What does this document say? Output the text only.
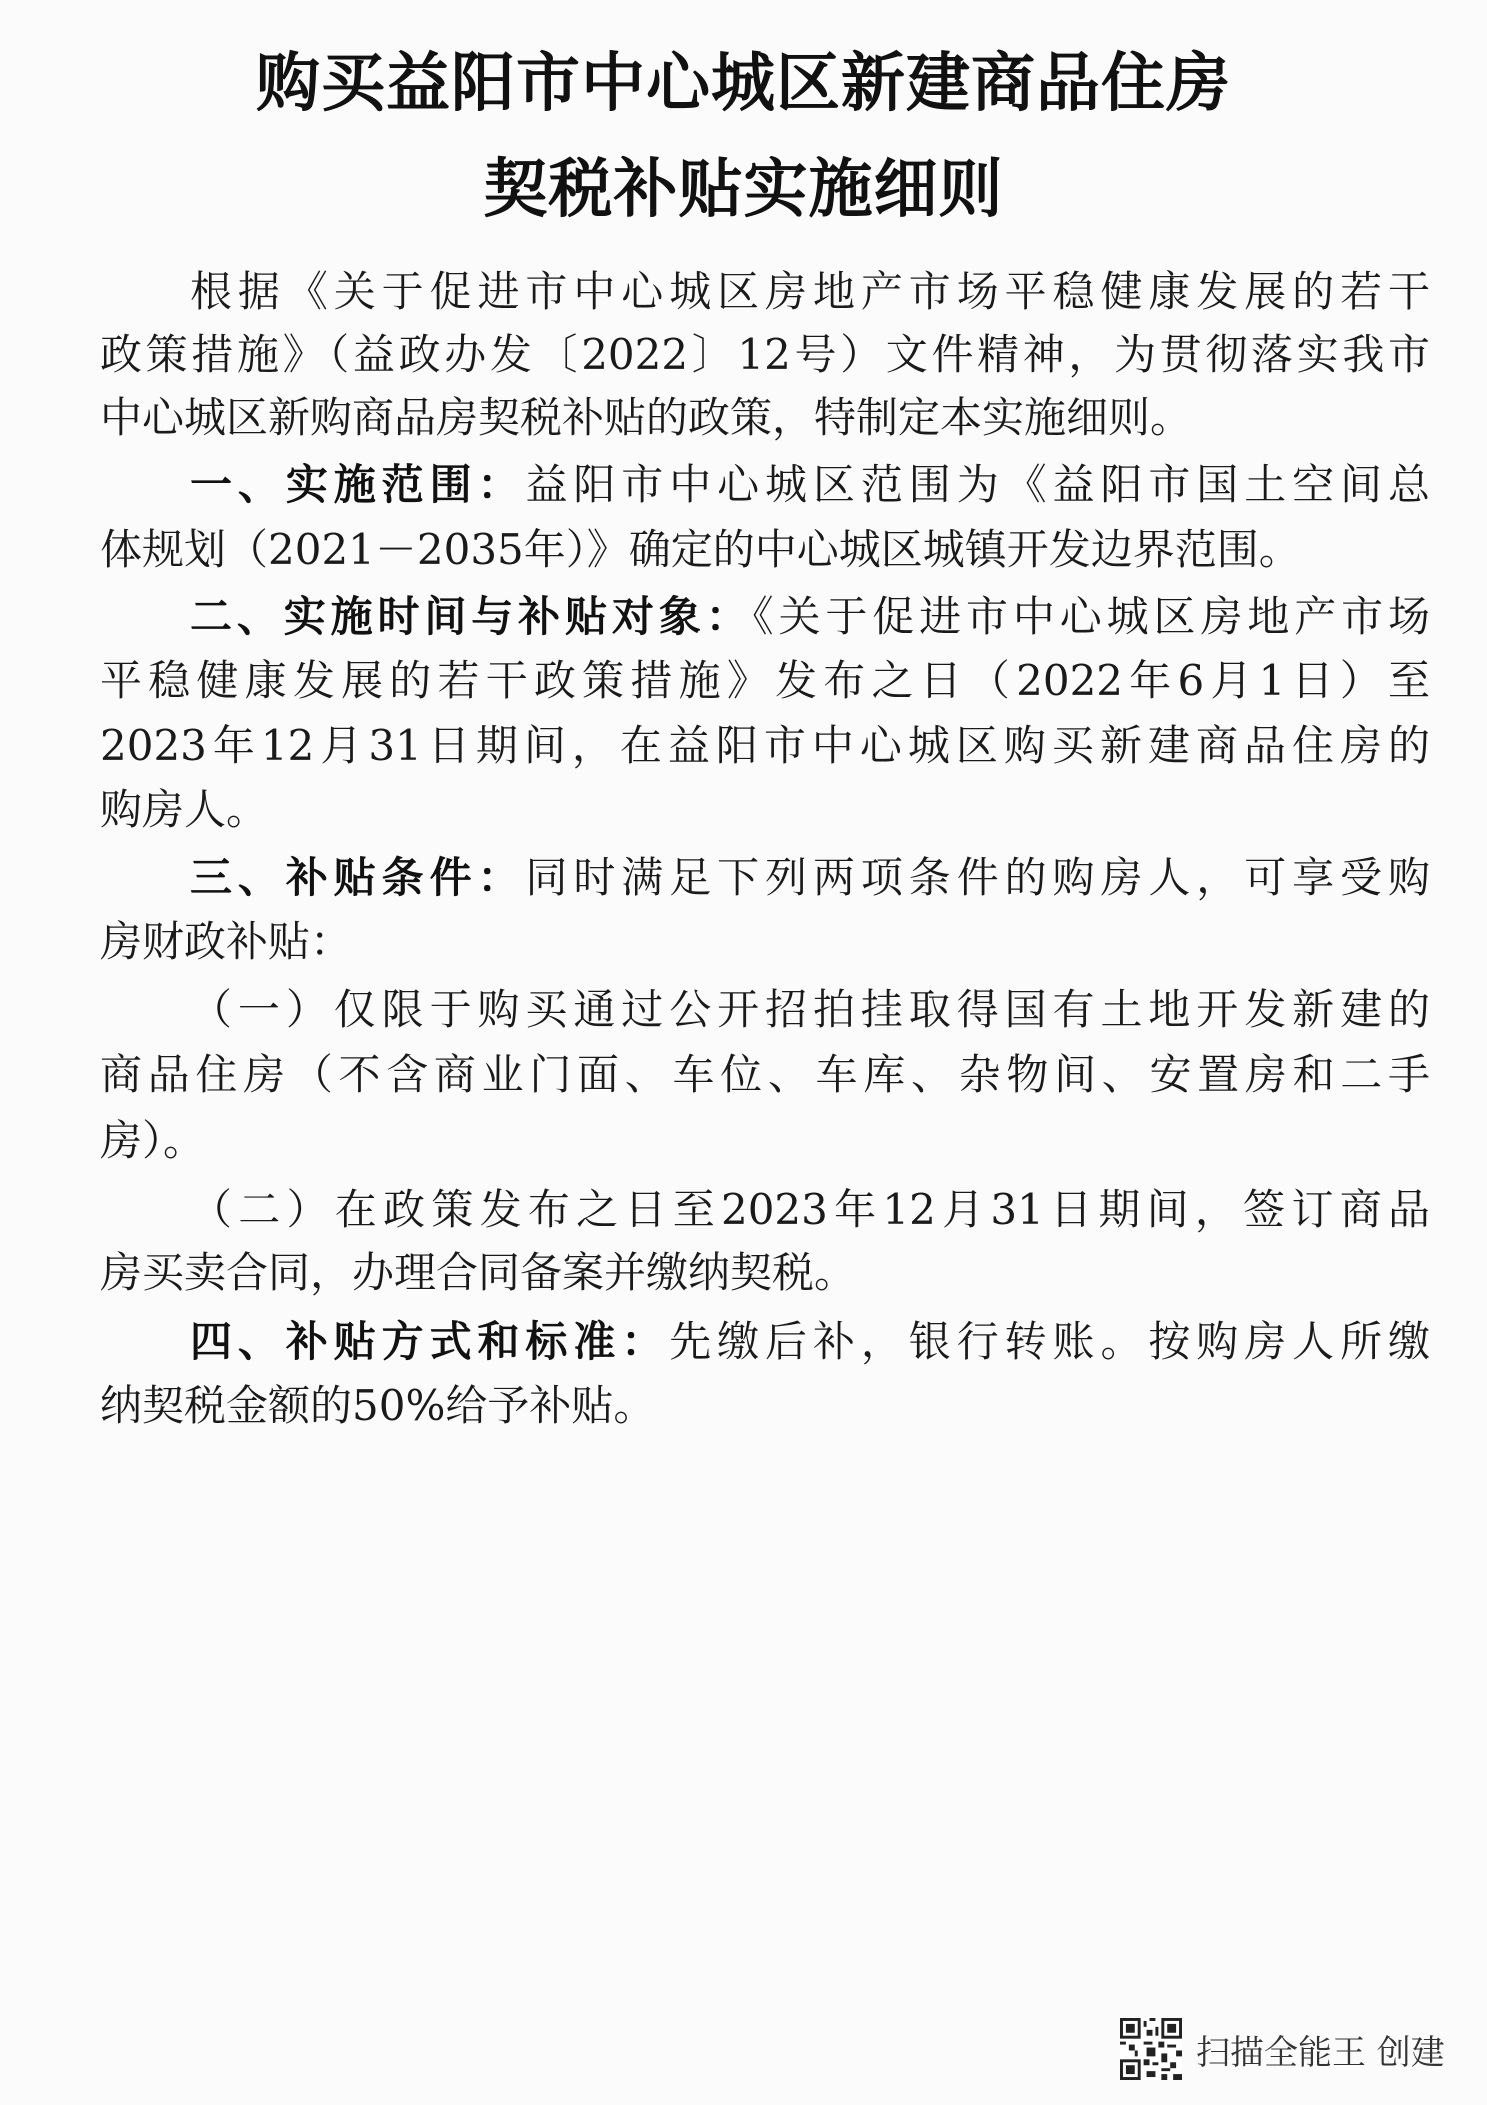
购买益阳市中心城区新建商品住房
契税补贴实施细则
根据《关于促进市中心城区房地产市场平稳健康发展的若干
政策措施》（益政办发〔2022〕12号）文件精神，为贯彻落实我市
中心城区新购商品房契税补贴的政策，特制定本实施细则。
一、实施范围：益阳市中心城区范围为《益阳市国土空间总
体规划（2021－2035年）》确定的中心城区城镇开发边界范围。
二、实施时间与补贴对象：《关于促进市中心城区房地产市场
平稳健康发展的若干政策措施》发布之日（2022年6月1日）至
2023年12月31日期间，在益阳市中心城区购买新建商品住房的
购房人。
三、补贴条件：同时满足下列两项条件的购房人，可享受购
房财政补贴：
（一）仅限于购买通过公开招拍挂取得国有土地开发新建的
商品住房（不含商业门面、车位、车库、杂物间、安置房和二手
房）。
（二）在政策发布之日至2023年12月31日期间，签订商品
房买卖合同，办理合同备案并缴纳契税。
四、补贴方式和标准：先缴后补，银行转账。按购房人所缴
纳契税金额的50%给予补贴。
扫描全能王 创建
